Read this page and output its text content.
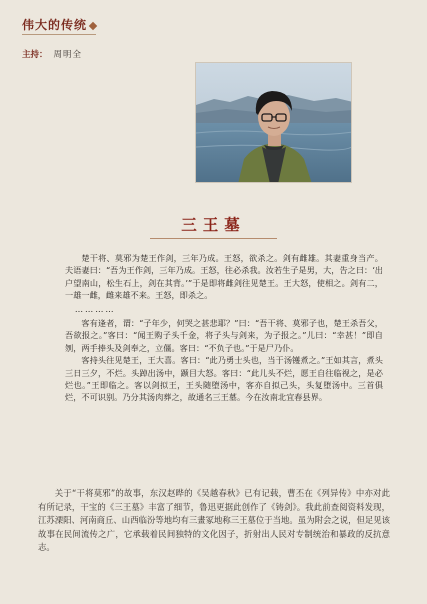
伟大的传统
主持： 周明全
三王墓

楚干将、莫邪为楚王作剑，三年乃成。王怒，欲杀之。剑有雌雄。其妻重身当产。夫语妻曰：“吾为王作剑，三年乃成。王怒，往必杀我。汝若生子是男，大，告之曰：‘出户望南山，松生石上，剑在其背。’”于是即将雌剑往见楚王。王大怒，使相之。剑有二，一雄一雌，雌来雄不来。王怒，即杀之。

…………

客有逢者，谓：“子年少，何哭之甚悲耶？”曰：“吾干将、莫邪子也，楚王杀吾父，吾欲报之。”客曰：“闻王购子头千金，将子头与剑来，为子报之。”儿曰：“幸甚！”即自刎，两手捧头及剑奉之，立僵。客曰：“不负子也。”于是尸乃仆。

客持头往见楚王，王大喜。客曰：“此乃勇士头也，当于汤镬煮之。”王如其言，煮头三日三夕，不烂。头踔出汤中，踬目大怒。客曰：“此儿头不烂，愿王自往临视之，是必烂也。”王即临之。客以剑拟王，王头随堕汤中，客亦自拟己头，头复堕汤中。三首俱烂，不可识别。乃分其汤肉葬之，故通名三王墓。今在汝南北宜春县界。

关于“干将莫邪”的故事，东汉赵晔的《吴越春秋》已有记载，曹丕在《列异传》中亦对此有所记录，干宝的《三王墓》丰富了细节，鲁迅更据此创作了《铸剑》。我此前查阅资料发现，江苏溧阳、河南商丘、山西临汾等地均有三畫冢地称三王墓位于当地。虽为附会之说，但足见该故事在民间流传之广，它承载着民间独特的文化因子，折射出人民对专制统治和暴政的反抗意志。
